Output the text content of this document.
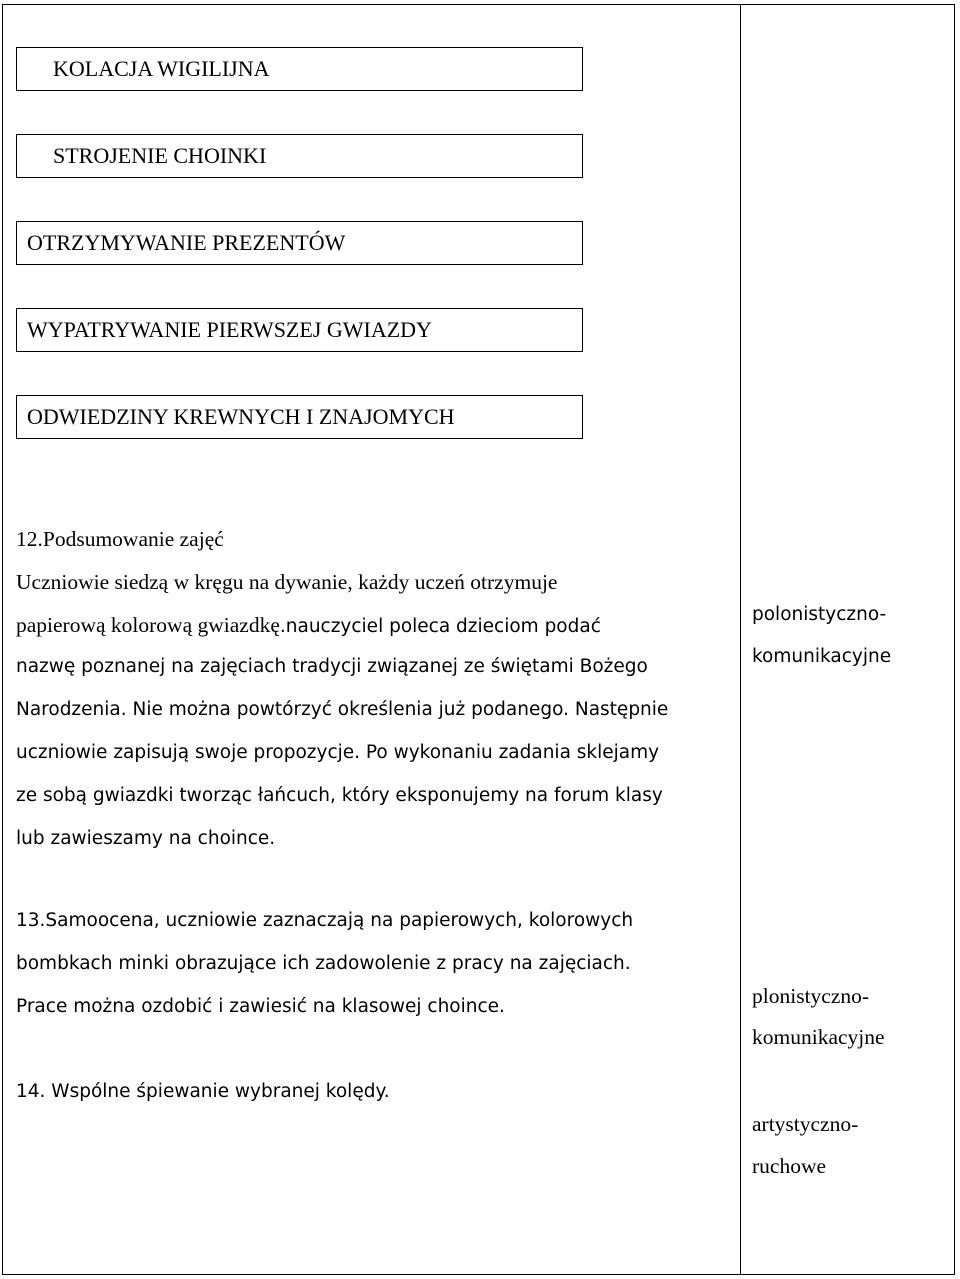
KOLACJA WIGILIJNA
STROJENIE CHOINKI
OTRZYMYWANIE PREZENTÓW
WYPATRYWANIE PIERWSZEJ GWIAZDY
ODWIEDZINY KREWNYCH I ZNAJOMYCH
12.Podsumowanie zajęć
Uczniowie siedzą w kręgu na dywanie, każdy uczeń otrzymuje
papierową kolorową gwiazdkę.nauczyciel poleca dzieciom podać
nazwę poznanej na zajęciach tradycji związanej ze świętami Bożego
Narodzenia. Nie można powtórzyć określenia już podanego. Następnie
uczniowie zapisują swoje propozycje. Po wykonaniu zadania sklejamy
ze sobą gwiazdki tworząc łańcuch, który eksponujemy na forum klasy
lub zawieszamy na choince.
polonistyczno-
komunikacyjne
13.Samoocena, uczniowie zaznaczają na papierowych, kolorowych
bombkach minki obrazujące ich zadowolenie z pracy na zajęciach.
Prace można ozdobić i zawiesić na klasowej choince.	plonistyczno-
komunikacyjne
14. Wspólne śpiewanie wybranej kolędy.
artystyczno-
ruchowe
